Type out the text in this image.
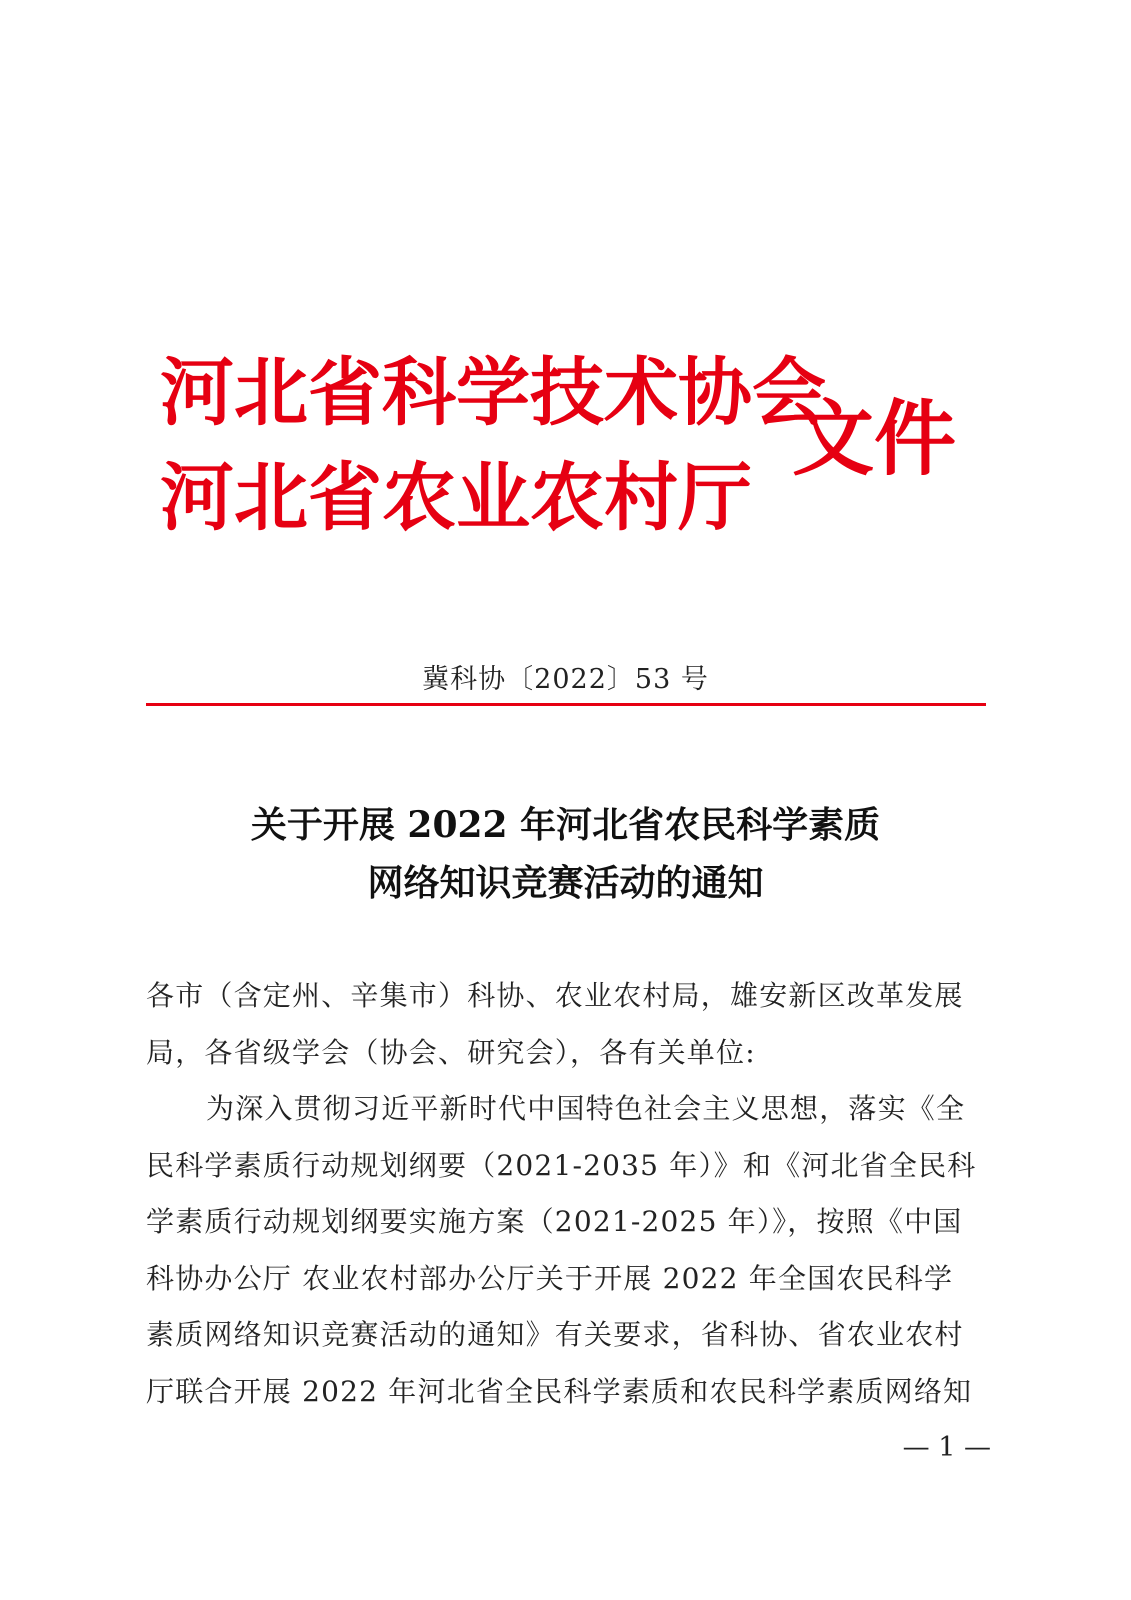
河北省科学技术协会
河北省农业农村厅
文件
冀科协〔2022〕53 号
关于开展 2022 年河北省农民科学素质
网络知识竞赛活动的通知
各市（含定州、辛集市）科协、农业农村局，雄安新区改革发展
局，各省级学会（协会、研究会），各有关单位:
为深入贯彻习近平新时代中国特色社会主义思想，落实《全
民科学素质行动规划纲要（2021-2035 年）》和《河北省全民科
学素质行动规划纲要实施方案（2021-2025 年）》，按照《中国
科协办公厅 农业农村部办公厅关于开展 2022 年全国农民科学
素质网络知识竞赛活动的通知》有关要求，省科协、省农业农村
厅联合开展 2022 年河北省全民科学素质和农民科学素质网络知
— 1 —
